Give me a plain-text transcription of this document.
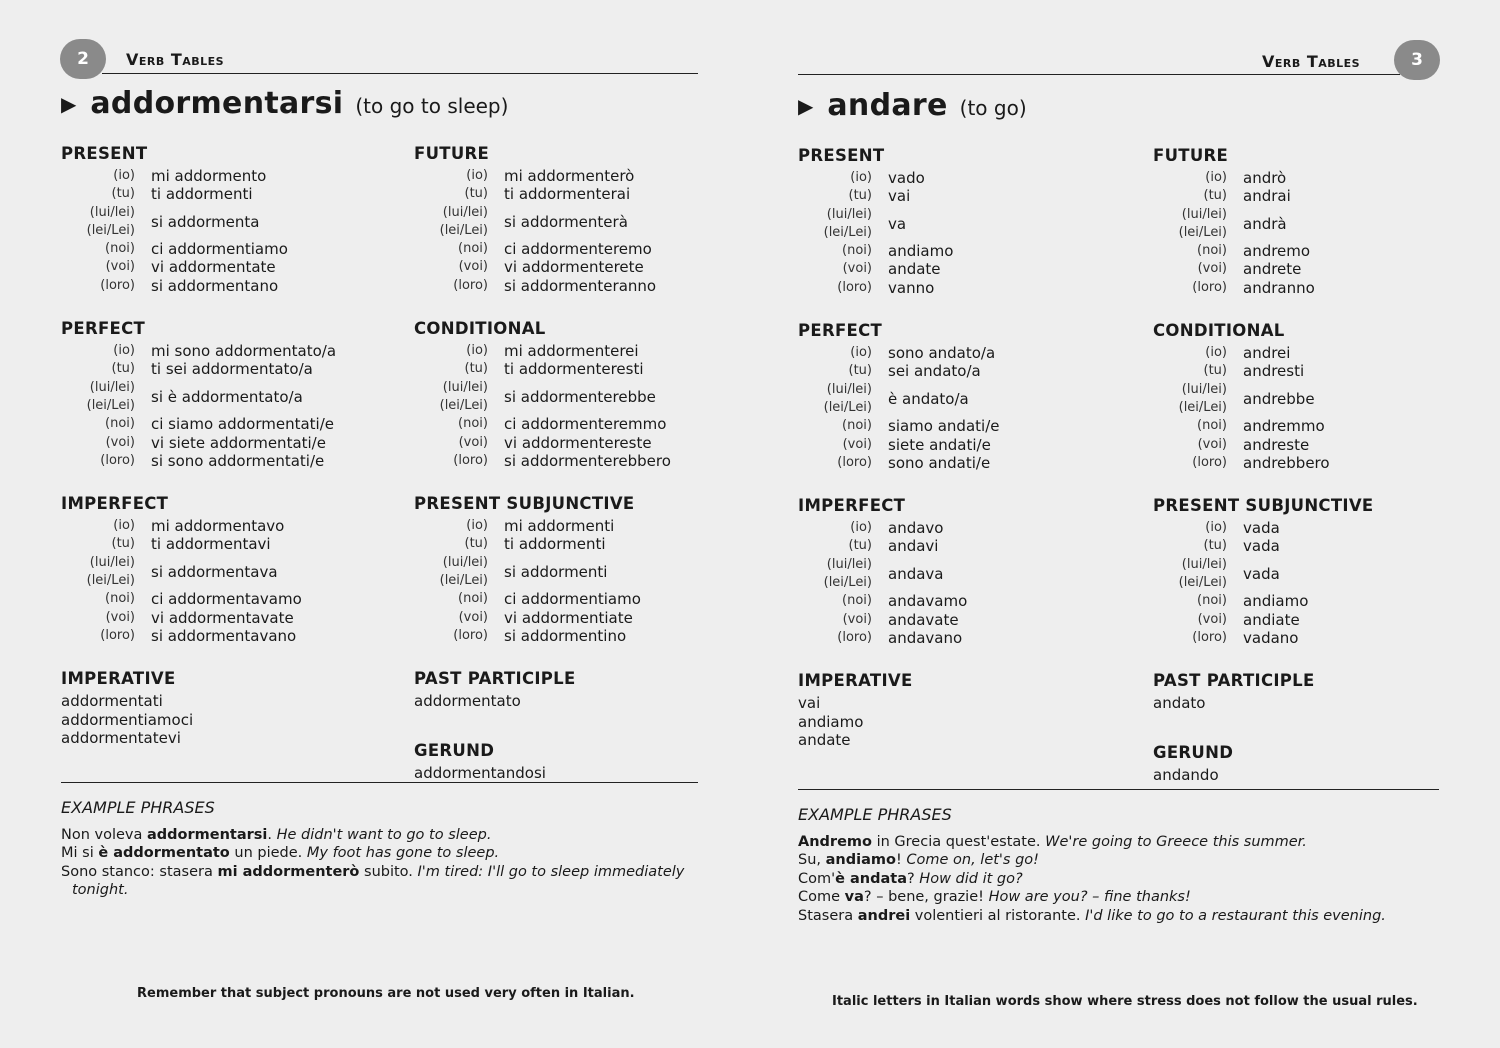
2	Verb Tables
▶ addormentarsi (to go to sleep)
PRESENT
(io) mi addormento
(tu) ti addormenti
(lui/lei)
(lei/Lei) si addormenta
(noi) ci addormentiamo
(voi) vi addormentate
(loro) si addormentano
PERFECT
(io) mi sono addormentato/a
(tu) ti sei addormentato/a
(lui/lei)
(lei/Lei) si è addormentato/a
(noi) ci siamo addormentati/e
(voi) vi siete addormentati/e
(loro) si sono addormentati/e
IMPERFECT
(io) mi addormentavo
(tu) ti addormentavi
(lui/lei)
(lei/Lei) si addormentava
(noi) ci addormentavamo
(voi) vi addormentavate
(loro) si addormentavano
IMPERATIVE
addormentati
addormentiamoci
addormentatevi
FUTURE
(io) mi addormenterò
(tu) ti addormenterai
(lui/lei)
(lei/Lei) si addormenterà
(noi) ci addormenteremo
(voi) vi addormenterete
(loro) si addormenteranno
CONDITIONAL
(io) mi addormenterei
(tu) ti addormenteresti
(lui/lei)
(lei/Lei) si addormenterebbe
(noi) ci addormenteremmo
(voi) vi addormentereste
(loro) si addormenterebbero
PRESENT SUBJUNCTIVE
(io) mi addormenti
(tu) ti addormenti
(lui/lei)
(lei/Lei) si addormenti
(noi) ci addormentiamo
(voi) vi addormentiate
(loro) si addormentino
PAST PARTICIPLE
addormentato
GERUND
addormentandosi
EXAMPLE PHRASES
Non voleva addormentarsi. He didn't want to go to sleep.
Mi si è addormentato un piede. My foot has gone to sleep.
Sono stanco: stasera mi addormenterò subito. I'm tired: I'll go to sleep immediately
tonight.
Remember that subject pronouns are not used very often in Italian.
Verb Tables	3
▶ andare (to go)
PRESENT
(io) vado
(tu) vai
(lui/lei)
(lei/Lei) va
(noi) andiamo
(voi) andate
(loro) vanno
PERFECT
(io) sono andato/a
(tu) sei andato/a
(lui/lei)
(lei/Lei) è andato/a
(noi) siamo andati/e
(voi) siete andati/e
(loro) sono andati/e
IMPERFECT
(io) andavo
(tu) andavi
(lui/lei)
(lei/Lei) andava
(noi) andavamo
(voi) andavate
(loro) andavano
IMPERATIVE
vai
andiamo
andate
FUTURE
(io) andrò
(tu) andrai
(lui/lei)
(lei/Lei) andrà
(noi) andremo
(voi) andrete
(loro) andranno
CONDITIONAL
(io) andrei
(tu) andresti
(lui/lei)
(lei/Lei) andrebbe
(noi) andremmo
(voi) andreste
(loro) andrebbero
PRESENT SUBJUNCTIVE
(io) vada
(tu) vada
(lui/lei)
(lei/Lei) vada
(noi) andiamo
(voi) andiate
(loro) vadano
PAST PARTICIPLE
andato
GERUND
andando
EXAMPLE PHRASES
Andremo in Grecia quest'estate. We're going to Greece this summer.
Su, andiamo! Come on, let's go!
Com'è andata? How did it go?
Come va? – bene, grazie! How are you? – fine thanks!
Stasera andrei volentieri al ristorante. I'd like to go to a restaurant this evening.
Italic letters in Italian words show where stress does not follow the usual rules.
